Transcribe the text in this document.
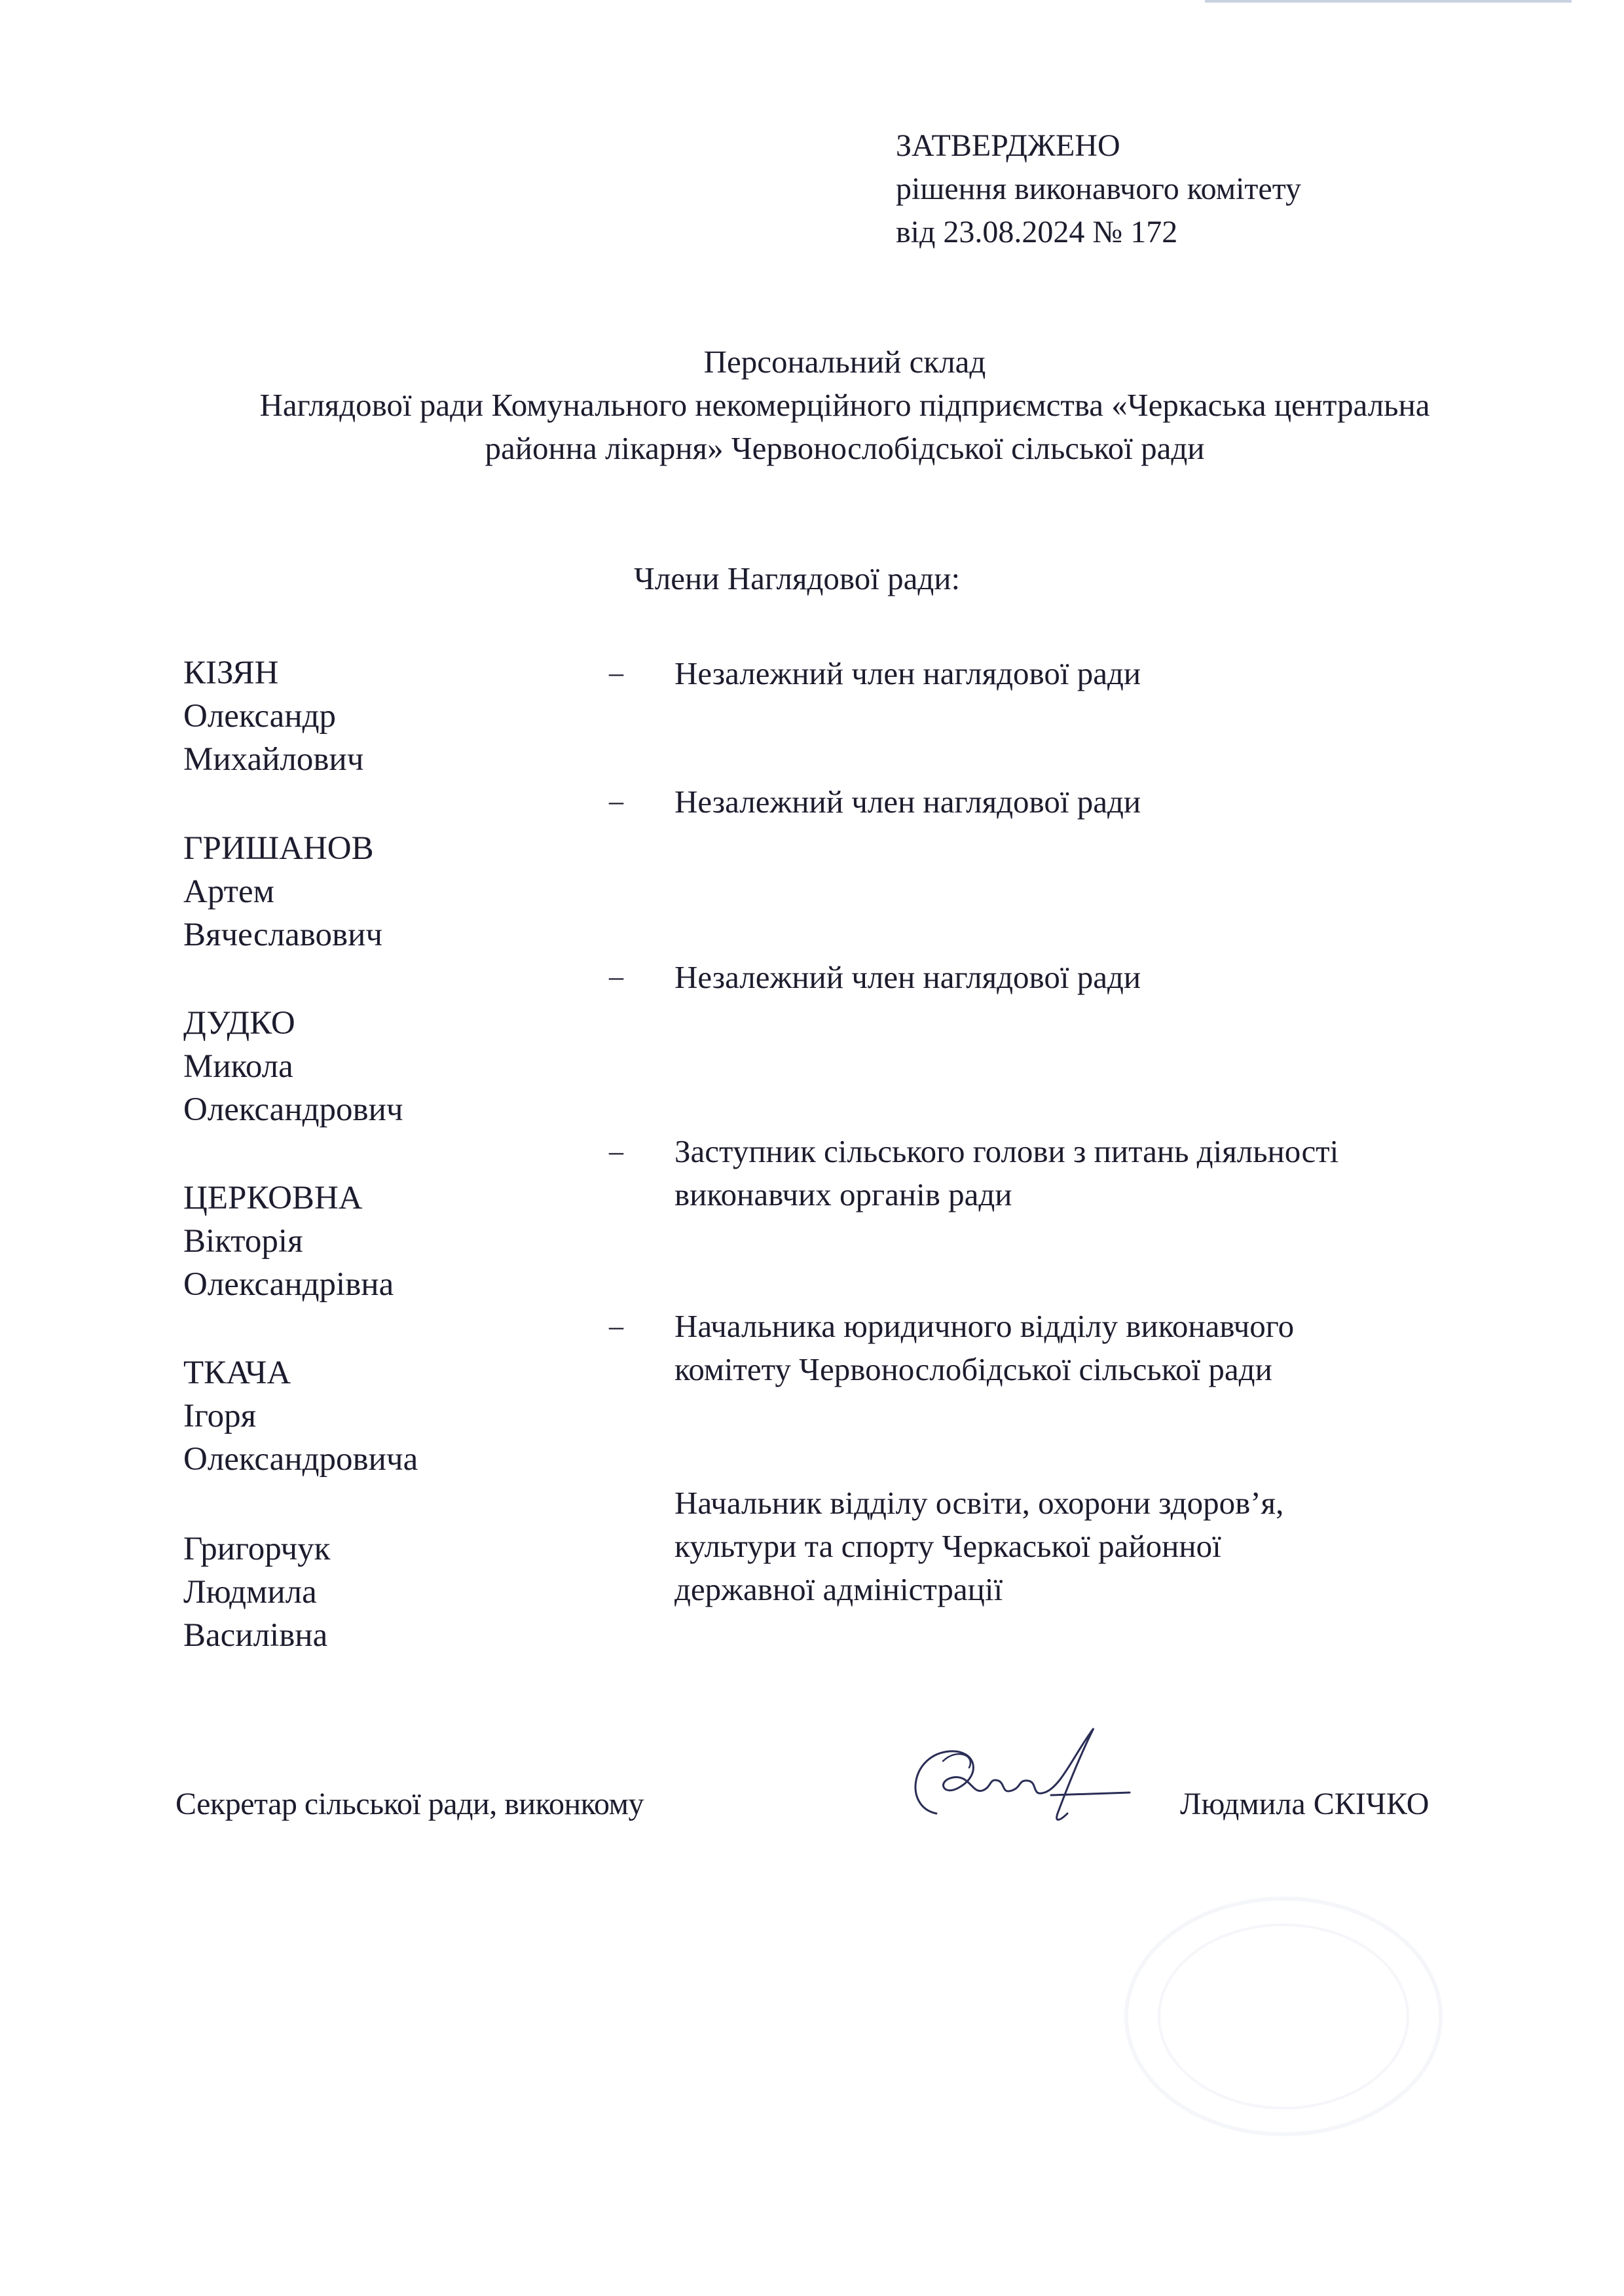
ЗАТВЕРДЖЕНО
рішення виконавчого комітету
від 23.08.2024 № 172
Персональний склад
Наглядової ради Комунального некомерційного підприємства «Черкаська центральна
районна лікарня» Червонослобідської сільської ради
Члени Наглядової ради:
КІЗЯН
Олександр
Михайлович
– Незалежний член наглядової ради
ГРИШАНОВ
Артем
Вячеславович
– Незалежний член наглядової ради
ДУДКО
Микола
Олександрович
– Незалежний член наглядової ради
ЦЕРКОВНА
Вікторія
Олександрівна
– Заступник сільського голови з питань діяльності
виконавчих органів ради
ТКАЧА
Ігоря
Олександровича
– Начальника юридичного відділу виконавчого
комітету Червонослобідської сільської ради
Григорчук
Людмила
Василівна
Начальник відділу освіти, охорони здоров’я,
культури та спорту Черкаської районної
державної адміністрації
Секретар сільської ради, виконкому	Людмила СКІЧКО
